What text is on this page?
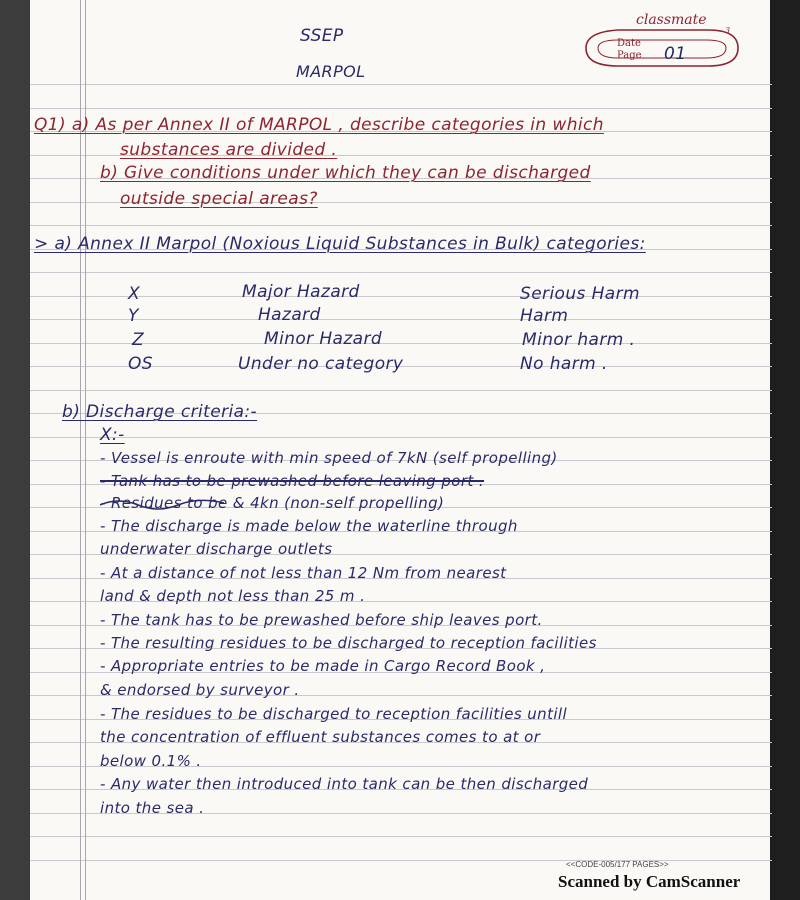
classmate
3
Date
Page 01
SSEP
MARPOL
Q1) a) As per Annex II of MARPOL , describe categories in which
substances are divided .
b) Give conditions under which they can be discharged
outside special areas?
> a) Annex II Marpol (Noxious Liquid Substances in Bulk) categories:
X	Major Hazard	Serious Harm
Y	Hazard	Harm
Z	Minor Hazard	Minor harm .
OS	Under no category	No harm .
b) Discharge criteria:-
X:-
- Vessel is enroute with min speed of 7kN (self propelling)
- Tank has to be prewashed before leaving port .
- Residues to be & 4kn (non-self propelling)
- The discharge is made below the waterline through
underwater discharge outlets
- At a distance of not less than 12 Nm from nearest
land & depth not less than 25 m .
- The tank has to be prewashed before ship leaves port.
- The resulting residues to be discharged to reception facilities
- Appropriate entries to be made in Cargo Record Book ,
& endorsed by surveyor .
- The residues to be discharged to reception facilities untill
the concentration of effluent substances comes to at or
below 0.1% .
- Any water then introduced into tank can be then discharged
into the sea .
<<CODE-005/177 PAGES>>
Scanned by CamScanner
